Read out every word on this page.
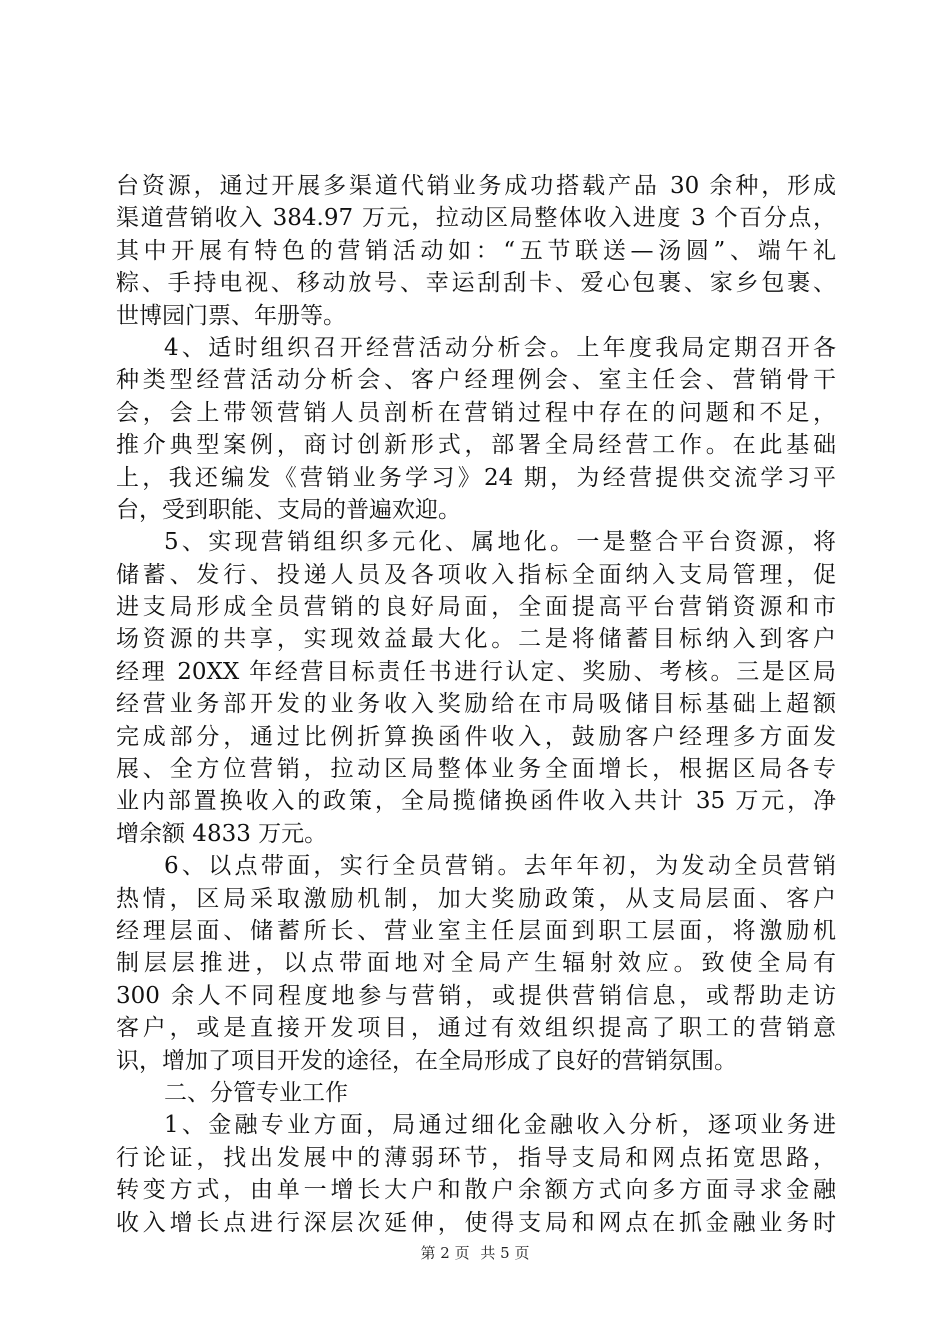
台资源，通过开展多渠道代销业务成功搭载产品 30 余种，形成
渠道营销收入 384.97 万元，拉动区局整体收入进度 3 个百分点，
其中开展有特色的营销活动如：“五节联送—汤圆”、端午礼
粽、手持电视、移动放号、幸运刮刮卡、爱心包裹、家乡包裹、
世博园门票、年册等。
4、适时组织召开经营活动分析会。上年度我局定期召开各
种类型经营活动分析会、客户经理例会、室主任会、营销骨干
会，会上带领营销人员剖析在营销过程中存在的问题和不足，
推介典型案例，商讨创新形式，部署全局经营工作。在此基础
上，我还编发《营销业务学习》24 期，为经营提供交流学习平
台，受到职能、支局的普遍欢迎。
5、实现营销组织多元化、属地化。一是整合平台资源，将
储蓄、发行、投递人员及各项收入指标全面纳入支局管理，促
进支局形成全员营销的良好局面，全面提高平台营销资源和市
场资源的共享，实现效益最大化。二是将储蓄目标纳入到客户
经理 20XX 年经营目标责任书进行认定、奖励、考核。三是区局
经营业务部开发的业务收入奖励给在市局吸储目标基础上超额
完成部分，通过比例折算换函件收入，鼓励客户经理多方面发
展、全方位营销，拉动区局整体业务全面增长，根据区局各专
业内部置换收入的政策，全局揽储换函件收入共计 35 万元，净
增余额 4833 万元。
6、以点带面，实行全员营销。去年年初，为发动全员营销
热情，区局采取激励机制，加大奖励政策，从支局层面、客户
经理层面、储蓄所长、营业室主任层面到职工层面，将激励机
制层层推进，以点带面地对全局产生辐射效应。致使全局有
300 余人不同程度地参与营销，或提供营销信息，或帮助走访
客户，或是直接开发项目，通过有效组织提高了职工的营销意
识，增加了项目开发的途径，在全局形成了良好的营销氛围。
二、分管专业工作
1、金融专业方面，局通过细化金融收入分析，逐项业务进
行论证，找出发展中的薄弱环节，指导支局和网点拓宽思路，
转变方式，由单一增长大户和散户余额方式向多方面寻求金融
收入增长点进行深层次延伸，使得支局和网点在抓金融业务时
第 2 页 共 5 页
